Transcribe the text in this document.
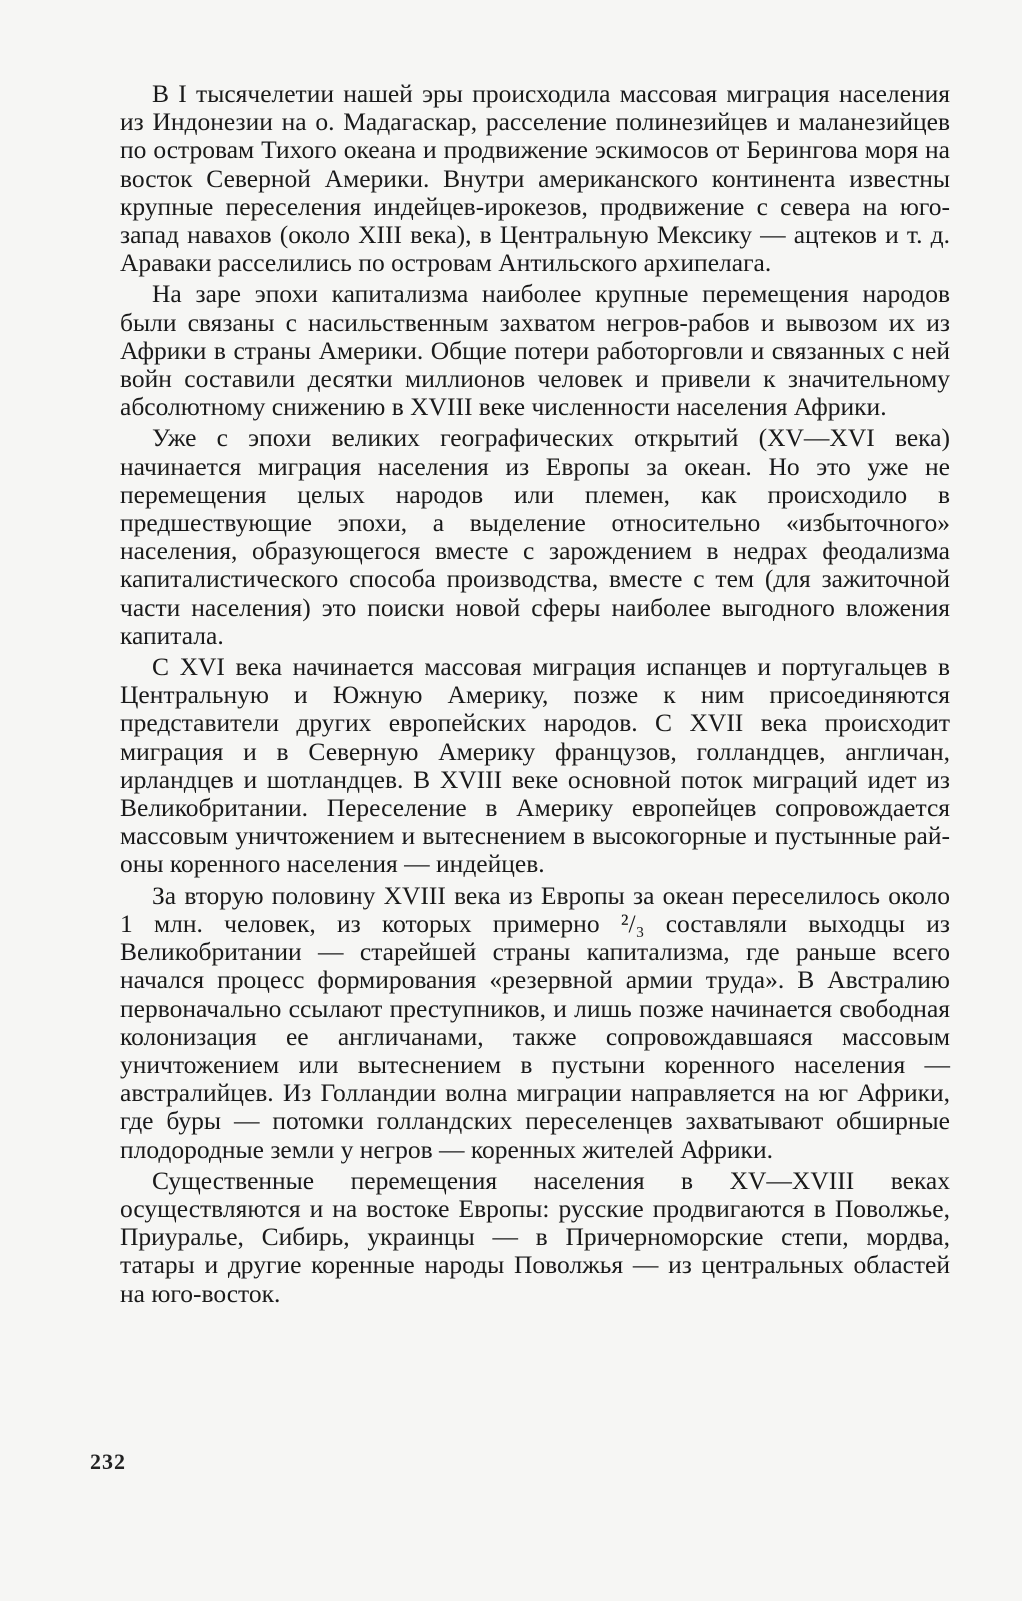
В I тысячелетии нашей эры происходила массовая миграция населения из Индонезии на о. Мадагаскар, расселение полинезийцев и маланезийцев по островам Тихого океана и продвижение эскимосов от Берингова моря на восток Северной Америки. Внутри американского континента известны крупные переселения индейцев-ирокезов, продвижение с севера на юго-запад навахов (около XIII века), в Центральную Мексику — ацтеков и т. д. Араваки расселились по островам Антильского архипелага.

На заре эпохи капитализма наиболее крупные перемещения народов были связаны с насильственным захватом негров-рабов и вывозом их из Африки в страны Америки. Общие потери работорговли и связанных с ней войн составили десятки миллионов человек и привели к значительному абсолютному снижению в XVIII веке численности населения Африки.

Уже с эпохи великих географических открытий (XV—XVI века) начинается миграция населения из Европы за океан. Но это уже не перемещения целых народов или племен, как происходило в предшествующие эпохи, а выделение относительно «избыточного» населения, образующегося вместе с зарождением в недрах феодализма капиталистического способа производства, вместе с тем (для зажиточной части населения) это поиски новой сферы наиболее выгодного вложения капитала.

С XVI века начинается массовая миграция испанцев и португальцев в Центральную и Южную Америку, позже к ним присоединяются представители других европейских народов. С XVII века происходит миграция и в Северную Америку французов, голландцев, англичан, ирландцев и шотландцев. В XVIII веке основной поток миграций идет из Великобритании. Переселение в Америку европейцев сопровождается массовым уничтожением и вытеснением в высокогорные и пустынные районы коренного населения — индейцев.

За вторую половину XVIII века из Европы за океан переселилось около 1 млн. человек, из которых примерно ²/₃ составляли выходцы из Великобритании — старейшей страны капитализма, где раньше всего начался процесс формирования «резервной армии труда». В Австралию первоначально ссылают преступников, и лишь позже начинается свободная колонизация ее англичанами, также сопровождавшаяся массовым уничтожением или вытеснением в пустыни коренного населения — австралийцев. Из Голландии волна миграции направляется на юг Африки, где буры — потомки голландских переселенцев захватывают обширные плодородные земли у негров — коренных жителей Африки.

Существенные перемещения населения в XV—XVIII веках осуществляются и на востоке Европы: русские продвигаются в Поволжье, Приуралье, Сибирь, украинцы — в Причерноморские степи, мордва, татары и другие коренные народы Поволжья — из центральных областей на юго-восток.

232
